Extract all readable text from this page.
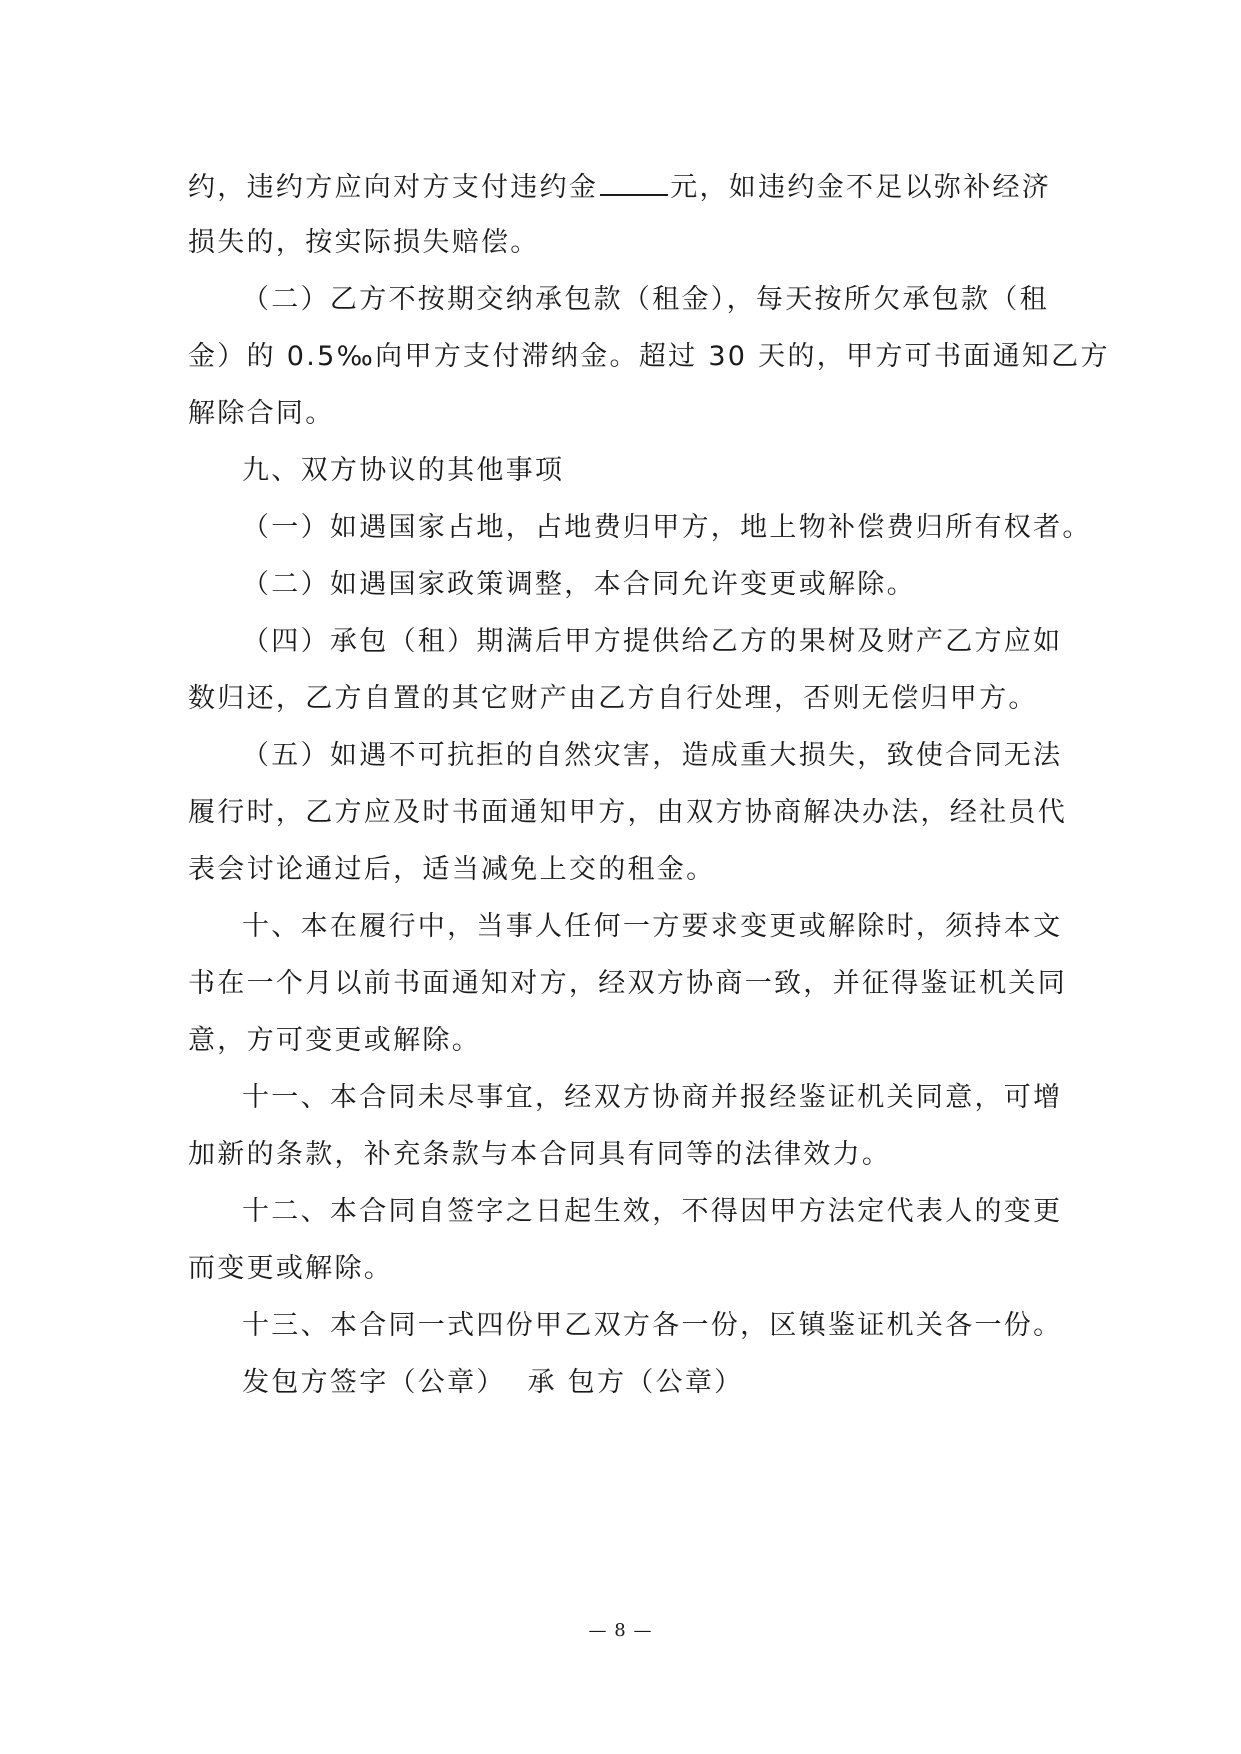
约，违约方应向对方支付违约金	元，如违约金不足以弥补经济
损失的，按实际损失赔偿。
（二）乙方不按期交纳承包款（租金），每天按所欠承包款（租
金）的 0.5‰向甲方支付滞纳金。超过 30 天的，甲方可书面通知乙方
解除合同。
九、双方协议的其他事项
（一）如遇国家占地，占地费归甲方，地上物补偿费归所有权者。
（二）如遇国家政策调整，本合同允许变更或解除。
（四）承包（租）期满后甲方提供给乙方的果树及财产乙方应如
数归还，乙方自置的其它财产由乙方自行处理，否则无偿归甲方。
（五）如遇不可抗拒的自然灾害，造成重大损失，致使合同无法
履行时，乙方应及时书面通知甲方，由双方协商解决办法，经社员代
表会讨论通过后，适当减免上交的租金。
十、本在履行中，当事人任何一方要求变更或解除时，须持本文
书在一个月以前书面通知对方，经双方协商一致，并征得鉴证机关同
意，方可变更或解除。
十一、本合同未尽事宜，经双方协商并报经鉴证机关同意，可增
加新的条款，补充条款与本合同具有同等的法律效力。
十二、本合同自签字之日起生效，不得因甲方法定代表人的变更
而变更或解除。
十三、本合同一式四份甲乙双方各一份，区镇鉴证机关各一份。
发包方签字（公章）  承 包方（公章）
— 8 —
